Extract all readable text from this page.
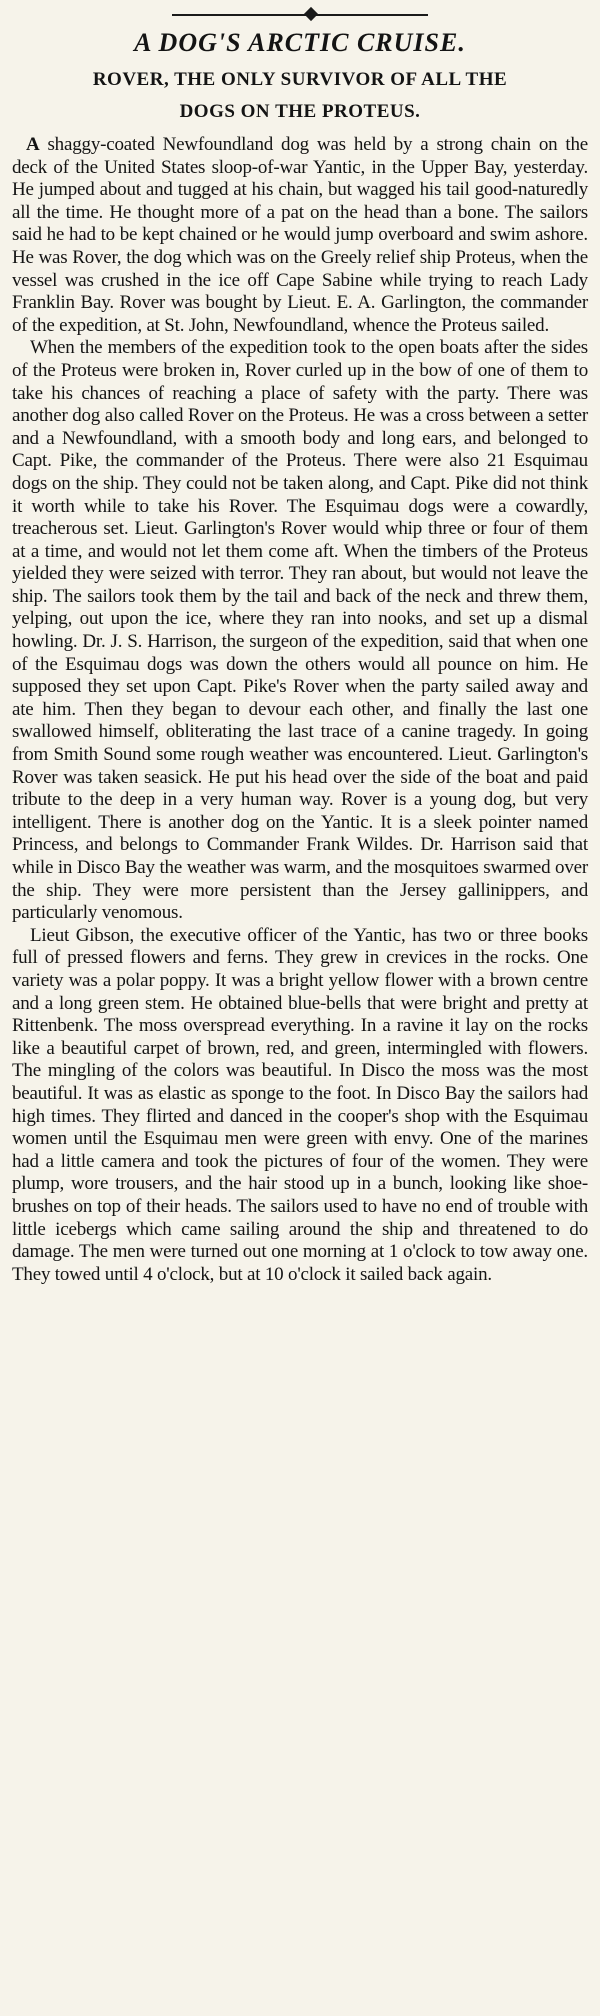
A DOG'S ARCTIC CRUISE.
ROVER, THE ONLY SURVIVOR OF ALL THE
DOGS ON THE PROTEUS.

A shaggy-coated Newfoundland dog was held by a strong chain on the deck of the United States sloop-of-war Yantic, in the Upper Bay, yesterday. He jumped about and tugged at his chain, but wagged his tail good-naturedly all the time. He thought more of a pat on the head than a bone. The sailors said he had to be kept chained or he would jump overboard and swim ashore. He was Rover, the dog which was on the Greely relief ship Proteus, when the vessel was crushed in the ice off Cape Sabine while trying to reach Lady Franklin Bay. Rover was bought by Lieut. E. A. Garlington, the commander of the expedition, at St. John, Newfoundland, whence the Proteus sailed.

When the members of the expedition took to the open boats after the sides of the Proteus were broken in, Rover curled up in the bow of one of them to take his chances of reaching a place of safety with the party. There was another dog also called Rover on the Proteus. He was a cross between a setter and a Newfoundland, with a smooth body and long ears, and belonged to Capt. Pike, the commander of the Proteus. There were also 21 Esquimau dogs on the ship. They could not be taken along, and Capt. Pike did not think it worth while to take his Rover. The Esquimau dogs were a cowardly, treacherous set. Lieut. Garlington's Rover would whip three or four of them at a time, and would not let them come aft. When the timbers of the Proteus yielded they were seized with terror. They ran about, but would not leave the ship. The sailors took them by the tail and back of the neck and threw them, yelping, out upon the ice, where they ran into nooks, and set up a dismal howling. Dr. J. S. Harrison, the surgeon of the expedition, said that when one of the Esquimau dogs was down the others would all pounce on him. He supposed they set upon Capt. Pike's Rover when the party sailed away and ate him. Then they began to devour each other, and finally the last one swallowed himself, obliterating the last trace of a canine tragedy. In going from Smith Sound some rough weather was encountered. Lieut. Garlington's Rover was taken seasick. He put his head over the side of the boat and paid tribute to the deep in a very human way. Rover is a young dog, but very intelligent. There is another dog on the Yantic. It is a sleek pointer named Princess, and belongs to Commander Frank Wildes. Dr. Harrison said that while in Disco Bay the weather was warm, and the mosquitoes swarmed over the ship. They were more persistent than the Jersey gallinippers, and particularly venomous.

Lieut Gibson, the executive officer of the Yantic, has two or three books full of pressed flowers and ferns. They grew in crevices in the rocks. One variety was a polar poppy. It was a bright yellow flower with a brown centre and a long green stem. He obtained blue-bells that were bright and pretty at Rittenbenk. The moss overspread everything. In a ravine it lay on the rocks like a beautiful carpet of brown, red, and green, intermingled with flowers. The mingling of the colors was beautiful. In Disco the moss was the most beautiful. It was as elastic as sponge to the foot. In Disco Bay the sailors had high times. They flirted and danced in the cooper's shop with the Esquimau women until the Esquimau men were green with envy. One of the marines had a little camera and took the pictures of four of the women. They were plump, wore trousers, and the hair stood up in a bunch, looking like shoe-brushes on top of their heads. The sailors used to have no end of trouble with little icebergs which came sailing around the ship and threatened to do damage. The men were turned out one morning at 1 o'clock to tow away one. They towed until 4 o'clock, but at 10 o'clock it sailed back again.
